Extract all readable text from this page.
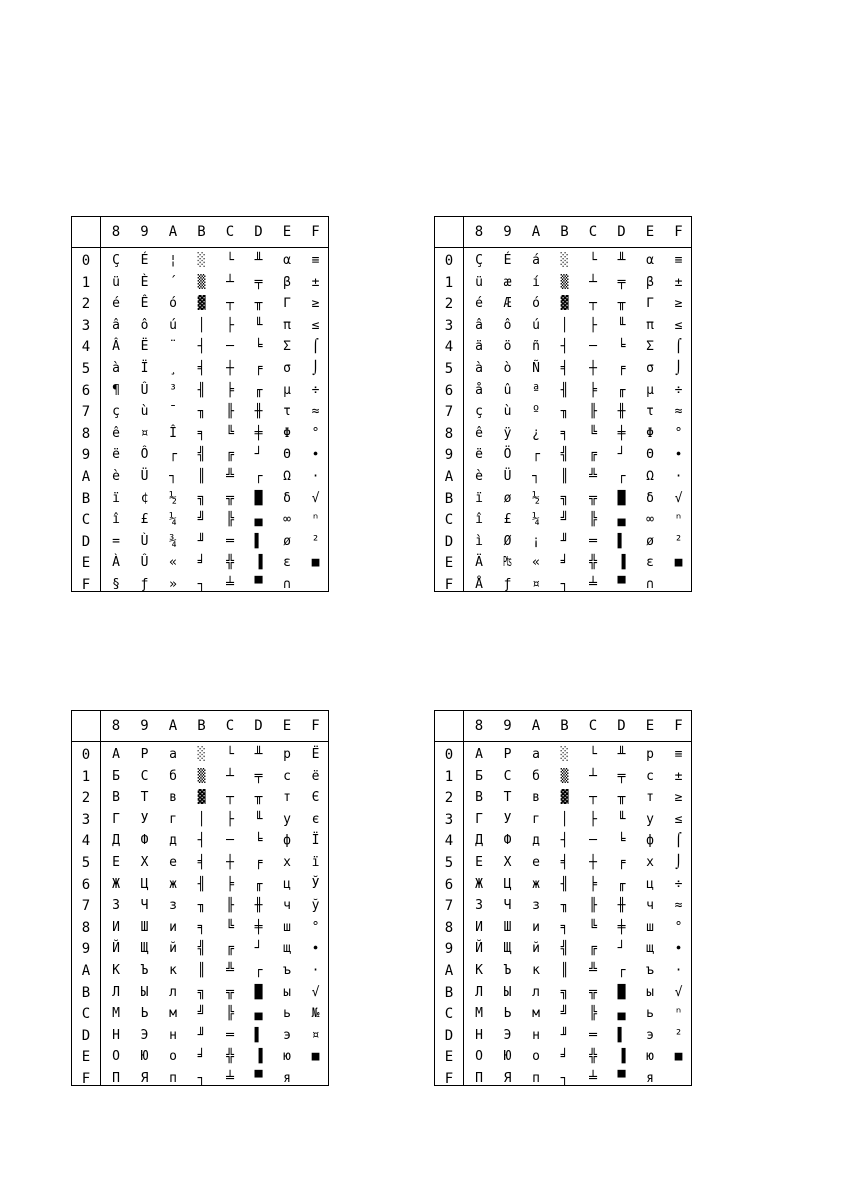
8	9	A	B	C	D	E	F
0	Ç	É	¦	░	└	╨	α	≡
1	ü	È	´	▒	┴	╤	β	±
2	é	Ê	ó	▓	┬	╥	Γ	≥
3	â	ô	ú	│	├	╙	π	≤
4	Â	Ë	¨	┤	─	╘	Σ	⌠
5	à	Ï	¸	╡	┼	╒	σ	⌡
6	¶	Û	³	╢	╞	╓	µ	÷
7	ç	ù	¯	╖	╟	╫	τ	≈
8	ê	¤	Î	╕	╚	╪	Φ	°
9	ë	Ô	┌	╣	╔	┘	Θ	∙
A	è	Ü	┐	║	╩	┌	Ω	·
B	ï	¢	½	╗	╦	█	δ	√
C	î	£	¼	╝	╠	▄	∞	ⁿ
D	=	Ù	¾	╜	═	▌	ø	²
E	À	Û	«	╛	╬	▐	ε	■
F	§	ƒ	»	┐	╧	▀	∩
8	9	A	B	C	D	E	F
0	Ç	É	á	░	└	╨	α	≡
1	ü	æ	í	▒	┴	╤	β	±
2	é	Æ	ó	▓	┬	╥	Γ	≥
3	â	ô	ú	│	├	╙	π	≤
4	ä	ö	ñ	┤	─	╘	Σ	⌠
5	à	ò	Ñ	╡	┼	╒	σ	⌡
6	å	û	ª	╢	╞	╓	µ	÷
7	ç	ù	º	╖	╟	╫	τ	≈
8	ê	ÿ	¿	╕	╚	╪	Φ	°
9	ë	Ö	┌	╣	╔	┘	Θ	∙
A	è	Ü	┐	║	╩	┌	Ω	·
B	ï	ø	½	╗	╦	█	δ	√
C	î	£	¼	╝	╠	▄	∞	ⁿ
D	ì	Ø	¡	╜	═	▌	ø	²
E	Ä	₧	«	╛	╬	▐	ε	■
F	Å	ƒ	¤	┐	╧	▀	∩
8	9	A	B	C	D	E	F
0	А	Р	а	░	└	╨	р	Ё
1	Б	С	б	▒	┴	╤	с	ё
2	В	Т	в	▓	┬	╥	т	Є
3	Г	У	г	│	├	╙	у	є
4	Д	Ф	д	┤	─	╘	ф	Ї
5	Е	Х	е	╡	┼	╒	х	ї
6	Ж	Ц	ж	╢	╞	╓	ц	Ў
7	З	Ч	з	╖	╟	╫	ч	ў
8	И	Ш	и	╕	╚	╪	ш	°
9	Й	Щ	й	╣	╔	┘	щ	∙
A	К	Ъ	к	║	╩	┌	ъ	·
B	Л	Ы	л	╗	╦	█	ы	√
C	М	Ь	м	╝	╠	▄	ь	№
D	Н	Э	н	╜	═	▌	э	¤
E	О	Ю	о	╛	╬	▐	ю	■
F	П	Я	п	┐	╧	▀	я
8	9	A	B	C	D	E	F
0	А	Р	а	░	└	╨	р	≡
1	Б	С	б	▒	┴	╤	с	±
2	В	Т	в	▓	┬	╥	т	≥
3	Г	У	г	│	├	╙	у	≤
4	Д	Ф	д	┤	─	╘	ф	⌠
5	Е	Х	е	╡	┼	╒	х	⌡
6	Ж	Ц	ж	╢	╞	╓	ц	÷
7	З	Ч	з	╖	╟	╫	ч	≈
8	И	Ш	и	╕	╚	╪	ш	°
9	Й	Щ	й	╣	╔	┘	щ	∙
A	К	Ъ	к	║	╩	┌	ъ	·
B	Л	Ы	л	╗	╦	█	ы	√
C	М	Ь	м	╝	╠	▄	ь	ⁿ
D	Н	Э	н	╜	═	▌	э	²
E	О	Ю	о	╛	╬	▐	ю	■
F	П	Я	п	┐	╧	▀	я
